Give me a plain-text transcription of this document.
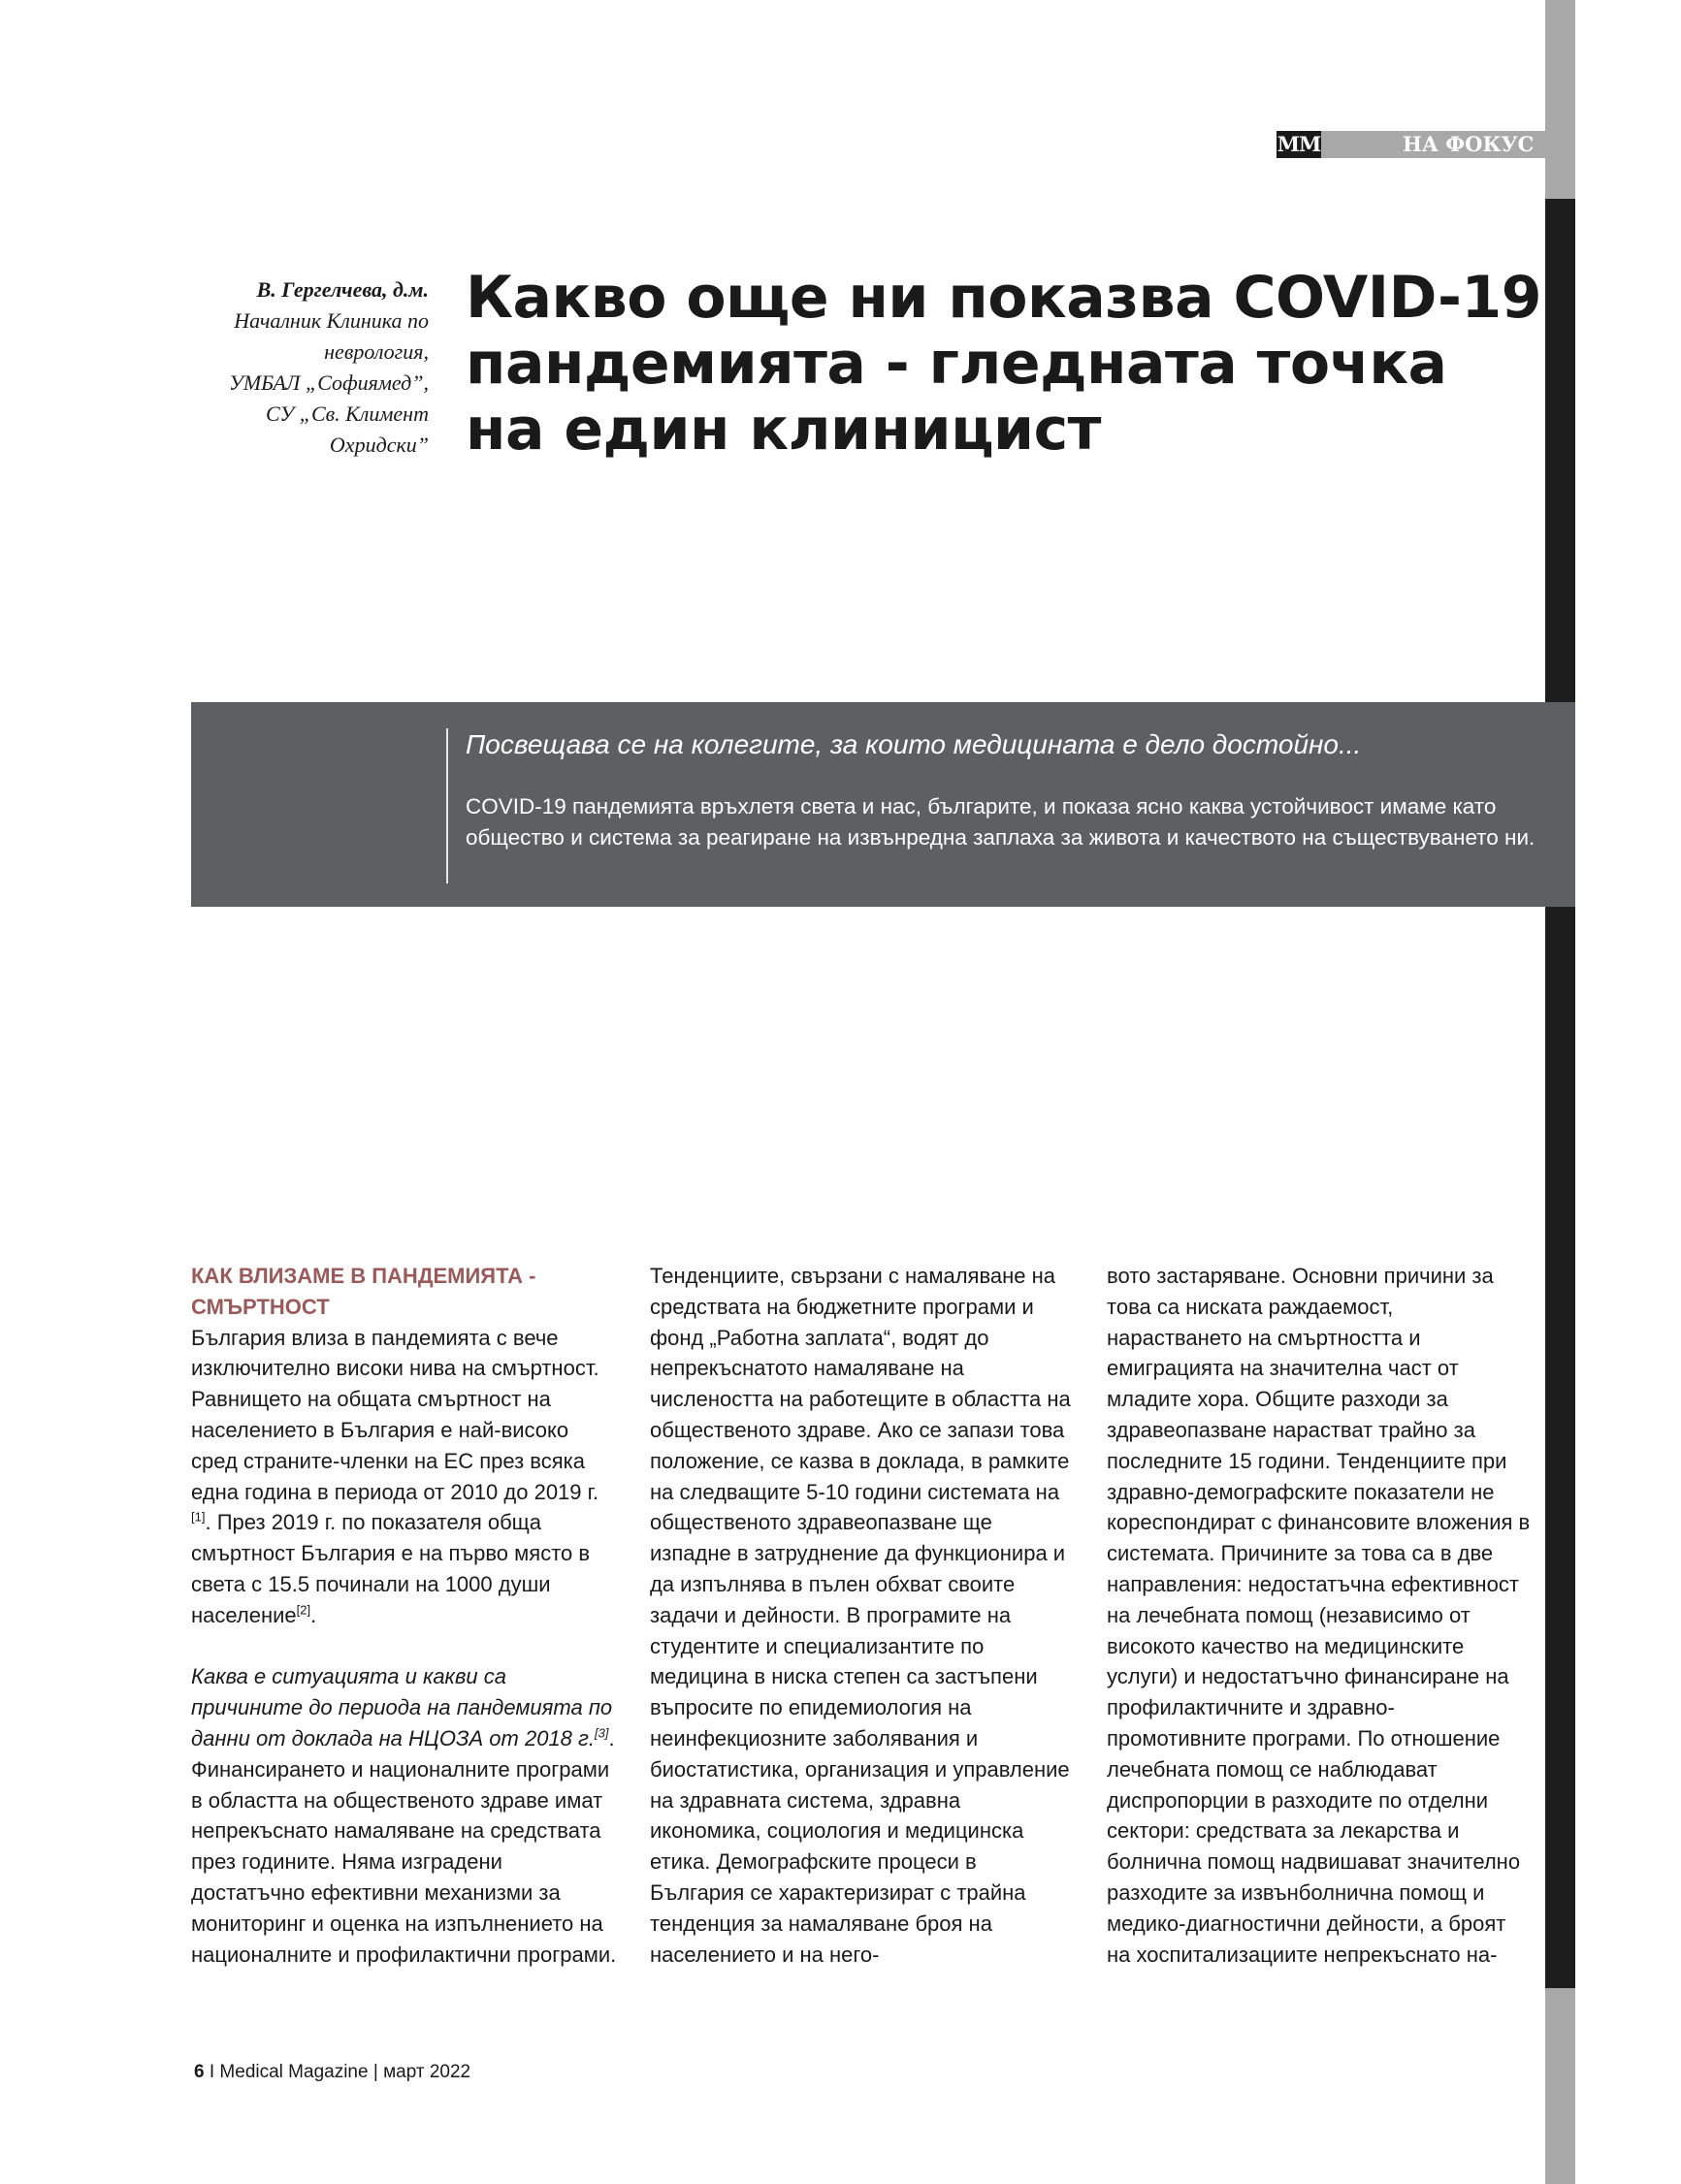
MM	НА ФОКУС
В. Гергелчева, д.м.
Началник Клиника по
неврология,
УМБАЛ „Софиямед”,
СУ „Св. Климент
Охридски”
Какво още ни показва COVID-19 пандемията - гледната точка на един клиницист
Посвещава се на колегите, за които медицината е дело достойно...
COVID-19 пандемията връхлетя света и нас, българите, и показа ясно каква устойчивост имаме като общество и система за реагиране на извънредна заплаха за живота и качеството на съществуването ни.
КАК ВЛИЗАМЕ В ПАНДЕМИЯТА - СМЪРТНОСТ

България влиза в пандемията с вече изключително високи нива на смъртност. Равнището на общата смъртност на населението в България е най-високо сред страните-членки на ЕС през всяка една година в периода от 2010 до 2019 г.[1]. През 2019 г. по показателя обща смъртност България е на първо място в света с 15.5 починали на 1000 души население[2].

Каква е ситуацията и какви са причините до периода на пандемията по данни от доклада на НЦОЗА от 2018 г.[3]. Финансирането и националните програми в областта на общественото здраве имат непрекъснато намаляване на средствата през годините. Няма изградени достатъчно ефективни механизми за мониторинг и оценка на изпълнението на националните и профилактични програми.

Тенденциите, свързани с намаляване на средствата на бюджетните програми и фонд „Работна заплата“, водят до непрекъснатото намаляване на числеността на работещите в областта на общественото здраве. Ако се запази това положение, се казва в доклада, в рамките на следващите 5-10 години системата на общественото здравеопазване ще изпадне в затруднение да функционира и да изпълнява в пълен обхват своите задачи и дейности. В програмите на студентите и специализантите по медицина в ниска степен са застъпени въпросите по епидемиология на неинфекциозните заболявания и биостатистика, организация и управление на здравната система, здравна икономика, социология и медицинска етика. Демографските процеси в България се характеризират с трайна тенденция за намаляване броя на населението и на него-

вото застаряване. Основни причини за това са ниската раждаемост, нарастването на смъртността и емиграцията на значителна част от младите хора. Общите разходи за здравеопазване нарастват трайно за последните 15 години. Тенденциите при здравно-демографските показатели не кореспондират с финансовите вложения в системата. Причините за това са в две направления: недостатъчна ефективност на лечебната помощ (независимо от високото качество на медицинските услуги) и недостатъчно финансиране на профилактичните и здравно-промотивните програми. По отношение лечебната помощ се наблюдават диспропорции в разходите по отделни сектори: средствата за лекарства и болнична помощ надвишават значително разходите за извънболнична помощ и медико-диагностични дейности, а броят на хоспитализациите непрекъснато на-

6 I Medical Magazine | март 2022
